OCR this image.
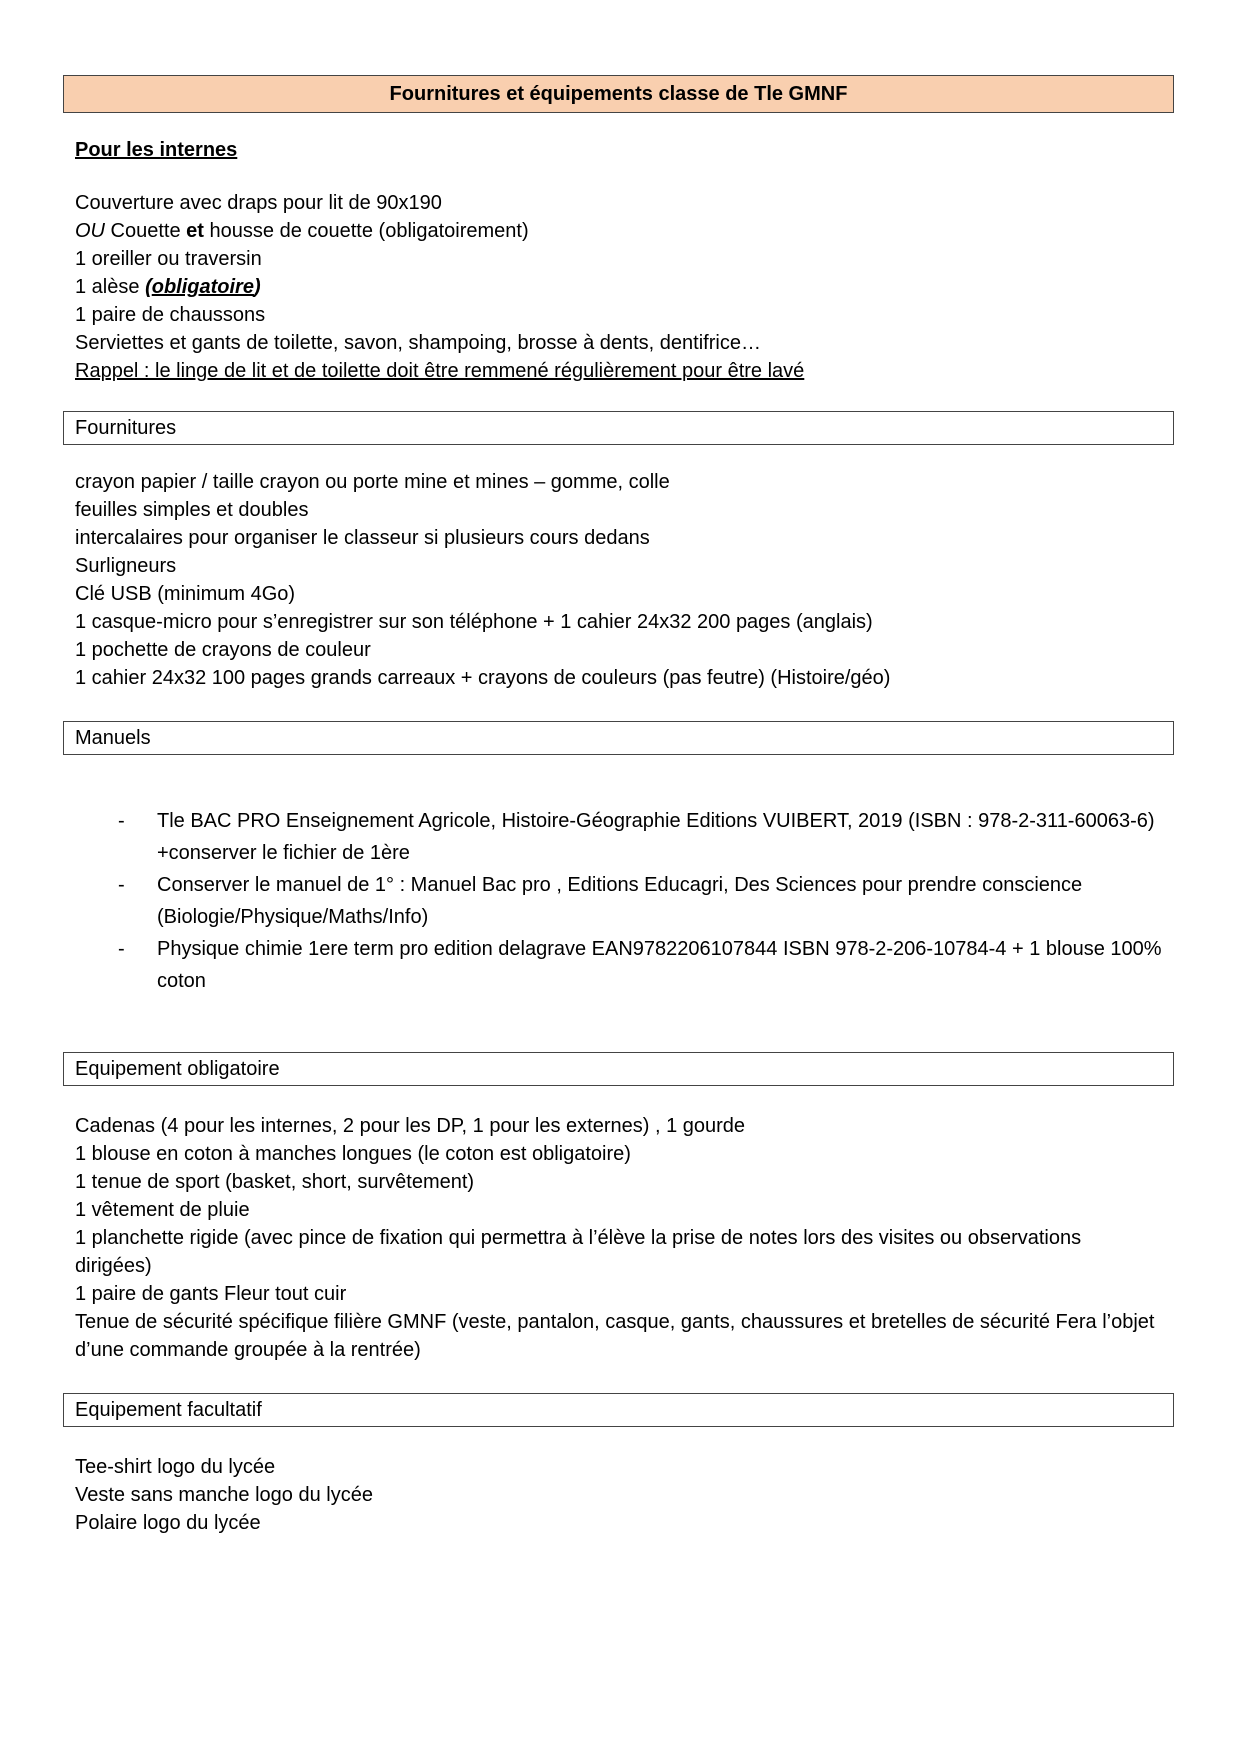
Fournitures et équipements classe de Tle GMNF
Pour les internes
Couverture avec draps pour lit de 90x190
OU Couette et housse de couette (obligatoirement)
1 oreiller ou traversin
1 alèse (obligatoire)
1 paire de chaussons
Serviettes et gants de toilette, savon, shampoing, brosse à dents, dentifrice…
Rappel : le linge de lit et de toilette doit être remmené régulièrement pour être lavé
Fournitures
crayon papier / taille crayon ou porte mine et mines – gomme, colle
feuilles simples et doubles
intercalaires pour organiser le classeur si plusieurs cours dedans
Surligneurs
Clé USB (minimum 4Go)
1 casque-micro pour s’enregistrer sur son téléphone + 1 cahier 24x32 200 pages (anglais)
1 pochette de crayons de couleur
1 cahier 24x32 100 pages grands carreaux + crayons de couleurs (pas feutre) (Histoire/géo)
Manuels
- Tle BAC PRO Enseignement Agricole, Histoire-Géographie Editions VUIBERT, 2019 (ISBN : 978-2-311-60063-6) +conserver le fichier de 1ère
- Conserver le manuel de 1° : Manuel Bac pro , Editions Educagri, Des Sciences pour prendre conscience (Biologie/Physique/Maths/Info)
- Physique chimie 1ere term pro edition delagrave EAN9782206107844 ISBN 978-2-206-10784-4 + 1 blouse 100% coton
Equipement obligatoire
Cadenas (4 pour les internes, 2 pour les DP, 1 pour les externes) , 1 gourde
1 blouse en coton à manches longues (le coton est obligatoire)
1 tenue de sport (basket, short, survêtement)
1 vêtement de pluie
1 planchette rigide (avec pince de fixation qui permettra à l’élève la prise de notes lors des visites ou observations dirigées)
1 paire de gants Fleur tout cuir
Tenue de sécurité spécifique filière GMNF (veste, pantalon, casque, gants, chaussures et bretelles de sécurité Fera l’objet d’une commande groupée à la rentrée)
Equipement facultatif
Tee-shirt logo du lycée
Veste sans manche logo du lycée
Polaire logo du lycée
